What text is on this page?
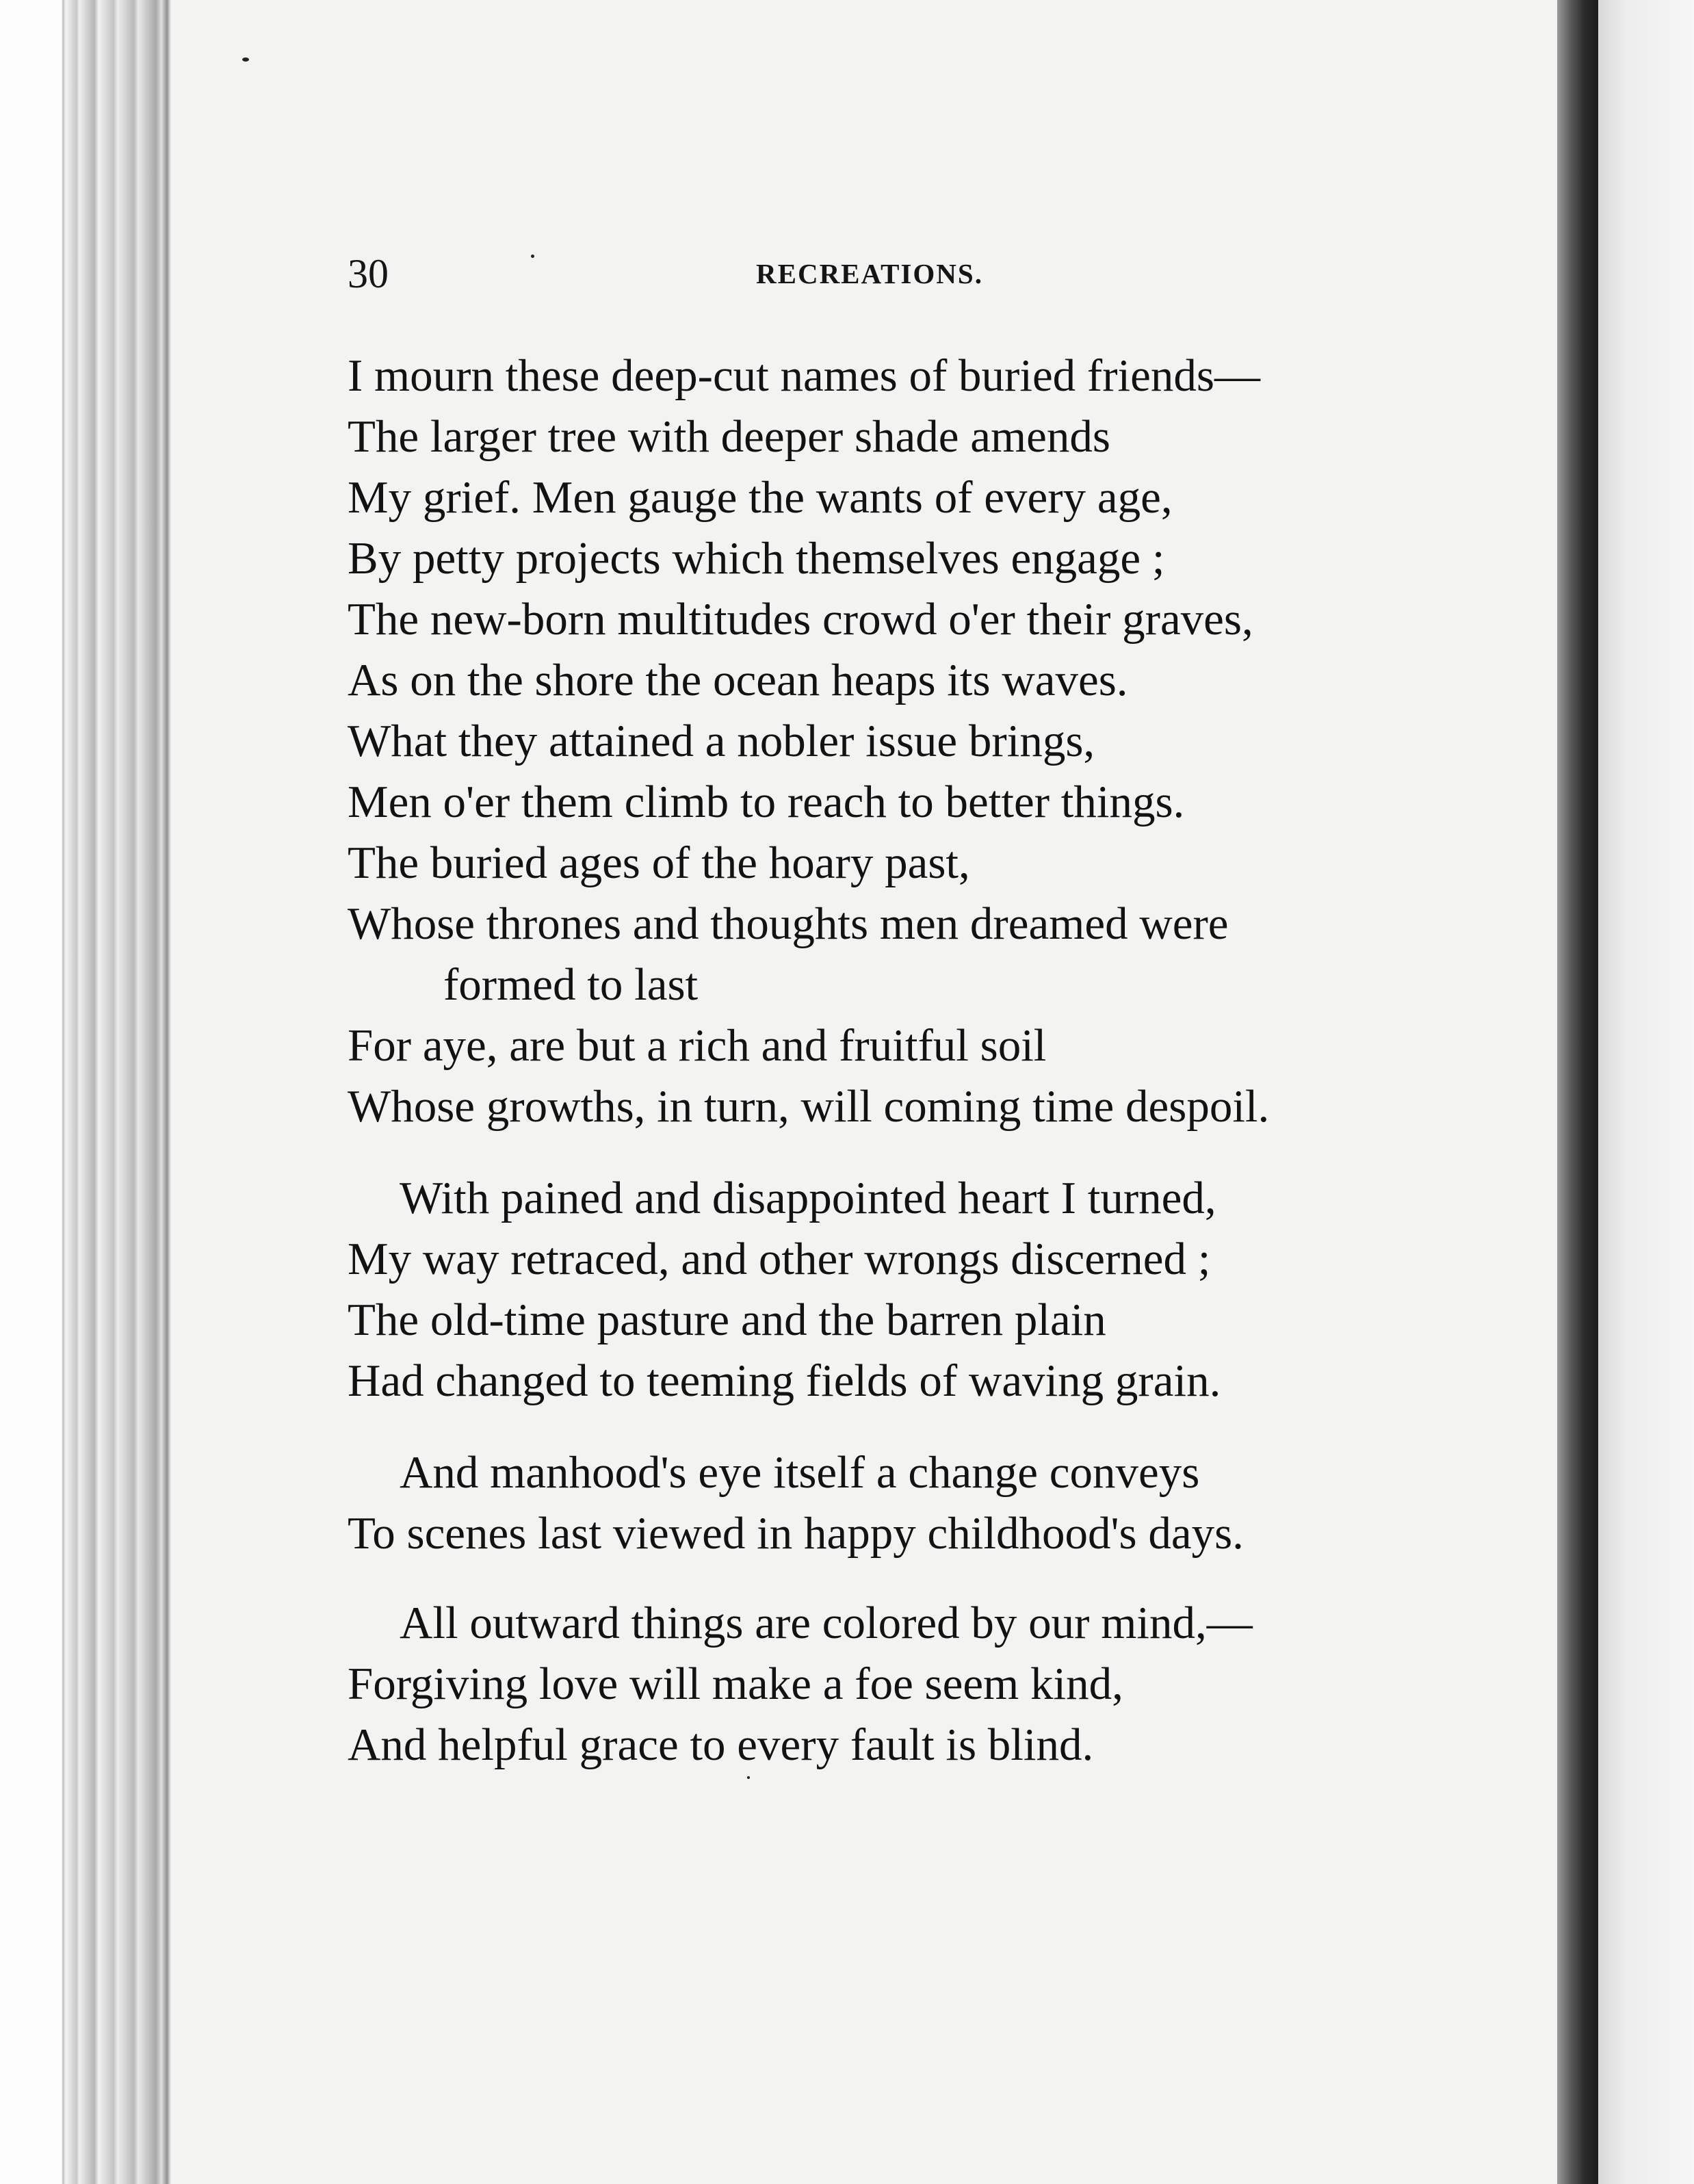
30	RECREATIONS.
I mourn these deep-cut names of buried friends—
The larger tree with deeper shade amends
My grief. Men gauge the wants of every age,
By petty projects which themselves engage ;
The new-born multitudes crowd o'er their graves,
As on the shore the ocean heaps its waves.
What they attained a nobler issue brings,
Men o'er them climb to reach to better things.
The buried ages of the hoary past,
Whose thrones and thoughts men dreamed were
formed to last
For aye, are but a rich and fruitful soil
Whose growths, in turn, will coming time despoil.
With pained and disappointed heart I turned,
My way retraced, and other wrongs discerned ;
The old-time pasture and the barren plain
Had changed to teeming fields of waving grain.
And manhood's eye itself a change conveys
To scenes last viewed in happy childhood's days.
All outward things are colored by our mind,—
Forgiving love will make a foe seem kind,
And helpful grace to every fault is blind.
